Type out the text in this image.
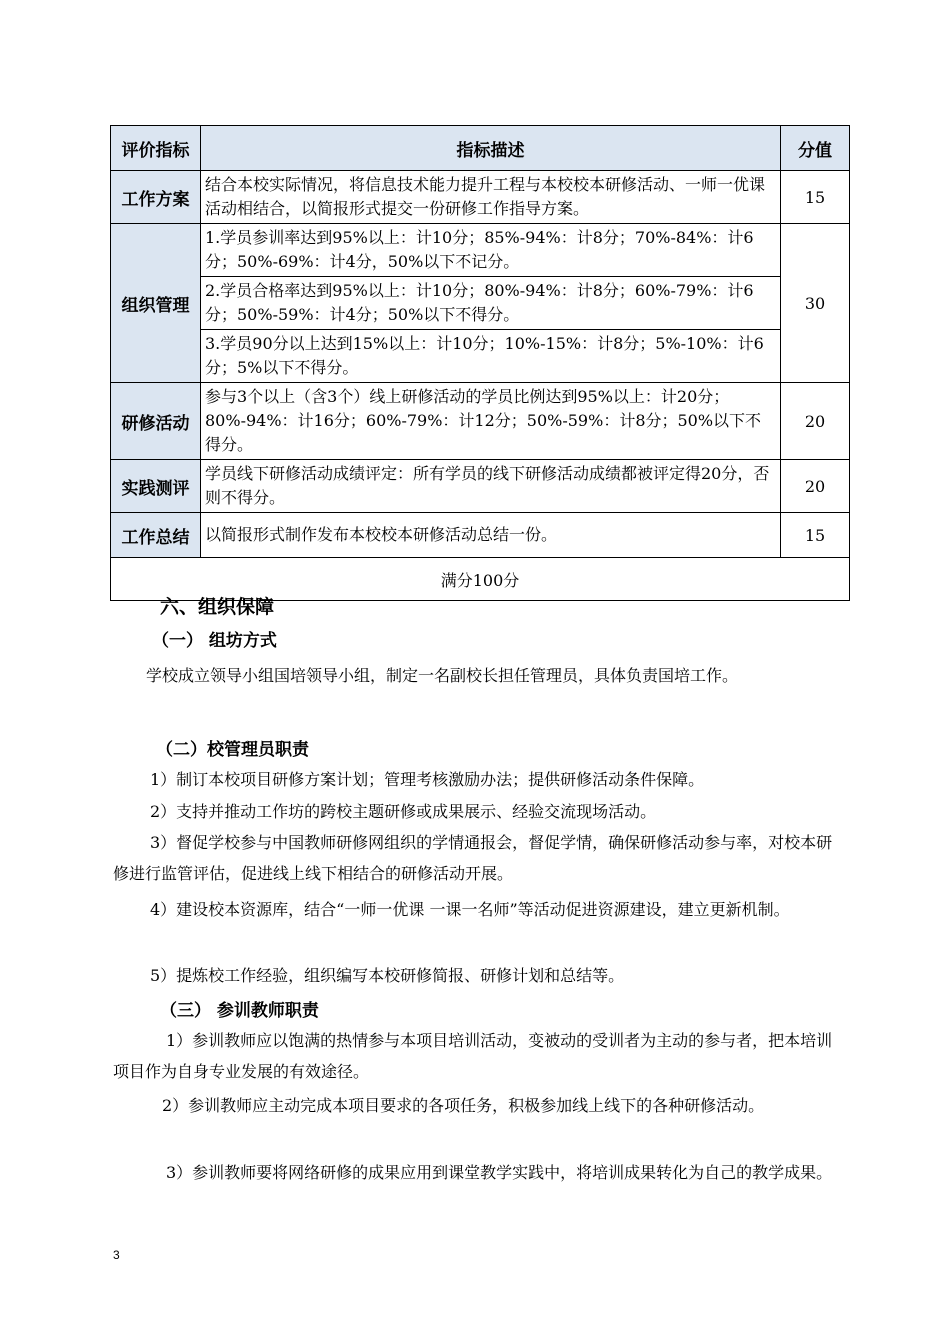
评价指标	指标描述	分值
工作方案	结合本校实际情况，将信息技术能力提升工程与本校校本研修活动、一师一优课活动相结合，以简报形式提交一份研修工作指导方案。	15
组织管理	1.学员参训率达到95%以上：计10分；85%-94%：计8分；70%-84%：计6分；50%-69%：计4分，50%以下不记分。	30
	2.学员合格率达到95%以上：计10分；80%-94%：计8分；60%-79%：计6分；50%-59%：计4分；50%以下不得分。	
	3.学员90分以上达到15%以上：计10分；10%-15%：计8分；5%-10%：计6分；5%以下不得分。	
研修活动	参与3个以上（含3个）线上研修活动的学员比例达到95%以上：计20分；80%-94%：计16分；60%-79%：计12分；50%-59%：计8分；50%以下不得分。	20
实践测评	学员线下研修活动成绩评定：所有学员的线下研修活动成绩都被评定得20分，否则不得分。	20
工作总结	以简报形式制作发布本校校本研修活动总结一份。	15
满分100分		
六、组织保障
（一） 组坊方式
学校成立领导小组国培领导小组，制定一名副校长担任管理员，具体负责国培工作。
（二）校管理员职责
1）制订本校项目研修方案计划；管理考核激励办法；提供研修活动条件保障。
2）支持并推动工作坊的跨校主题研修或成果展示、经验交流现场活动。
3）督促学校参与中国教师研修网组织的学情通报会，督促学情，确保研修活动参与率，对校本研修进行监管评估，促进线上线下相结合的研修活动开展。
4）建设校本资源库，结合“一师一优课 一课一名师”等活动促进资源建设，建立更新机制。
5）提炼校工作经验，组织编写本校研修简报、研修计划和总结等。
（三） 参训教师职责
1）参训教师应以饱满的热情参与本项目培训活动，变被动的受训者为主动的参与者，把本培训项目作为自身专业发展的有效途径。
2）参训教师应主动完成本项目要求的各项任务，积极参加线上线下的各种研修活动。
3）参训教师要将网络研修的成果应用到课堂教学实践中，将培训成果转化为自己的教学成果。
3
